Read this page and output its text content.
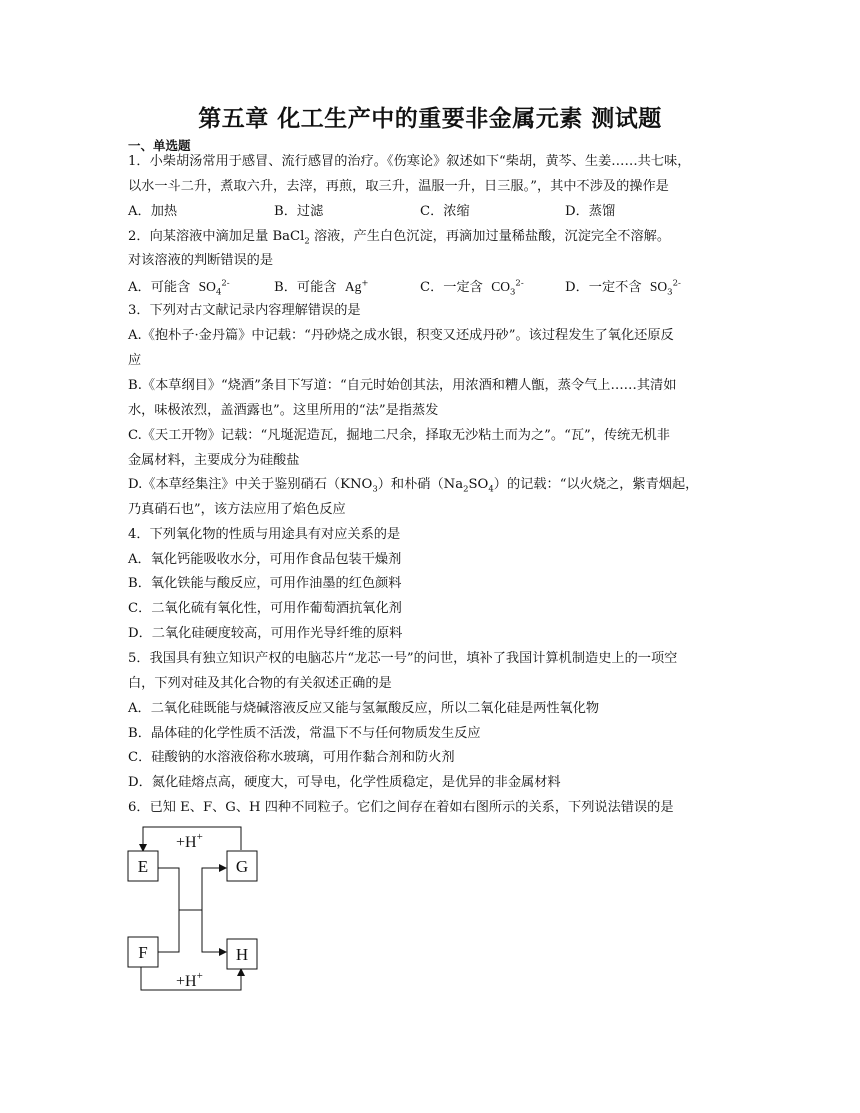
第五章 化工生产中的重要非金属元素 测试题
一、单选题
1．小柴胡汤常用于感冒、流行感冒的治疗。《伤寒论》叙述如下“柴胡，黄芩、生姜……共七味，
以水一斗二升，煮取六升，去滓，再煎，取三升，温服一升，日三服。”，其中不涉及的操作是
A．加热	B．过滤	C．浓缩	D．蒸馏
2．向某溶液中滴加足量 BaCl$_2$ 溶液，产生白色沉淀，再滴加过量稀盐酸，沉淀完全不溶解。
对该溶液的判断错误的是
A．可能含 $SO_4^{2-}$	B．可能含 Ag+	C．一定含 $CO_3^{2-}$	D．一定不含 $SO_3^{2-}$
3．下列对古文献记录内容理解错误的是
A.《抱朴子·金丹篇》中记载：“丹砂烧之成水银，积变又还成丹砂”。该过程发生了氧化还原反
应
B.《本草纲目》“烧酒”条目下写道：“自元时始创其法，用浓酒和糟人甑，蒸令气上……其清如
水，味极浓烈，盖酒露也”。这里所用的“法”是指蒸发
C.《天工开物》记载：“凡埏泥造瓦，掘地二尺余，择取无沙粘土而为之”。“瓦”，传统无机非
金属材料，主要成分为硅酸盐
D.《本草经集注》中关于鉴别硝石$(KNO_3)$和朴硝$(Na_2SO_4)$的记载：“以火烧之，紫青烟起，
乃真硝石也”，该方法应用了焰色反应
4．下列氧化物的性质与用途具有对应关系的是
A．氧化钙能吸收水分，可用作食品包装干燥剂
B．氧化铁能与酸反应，可用作油墨的红色颜料
C．二氧化硫有氧化性，可用作葡萄酒抗氧化剂
D．二氧化硅硬度较高，可用作光导纤维的原料
5．我国具有独立知识产权的电脑芯片“龙芯一号”的问世，填补了我国计算机制造史上的一项空
白，下列对硅及其化合物的有关叙述正确的是
A．二氧化硅既能与烧碱溶液反应又能与氢氟酸反应，所以二氧化硅是两性氧化物
B．晶体硅的化学性质不活泼，常温下不与任何物质发生反应
C．硅酸钠的水溶液俗称水玻璃，可用作黏合剂和防火剂
D．氮化硅熔点高，硬度大，可导电，化学性质稳定，是优异的非金属材料
6．已知 E、F、G、H 四种不同粒子。它们之间存在着如右图所示的关系，下列说法错误的是
E	G
F	H
+H+
+H+
